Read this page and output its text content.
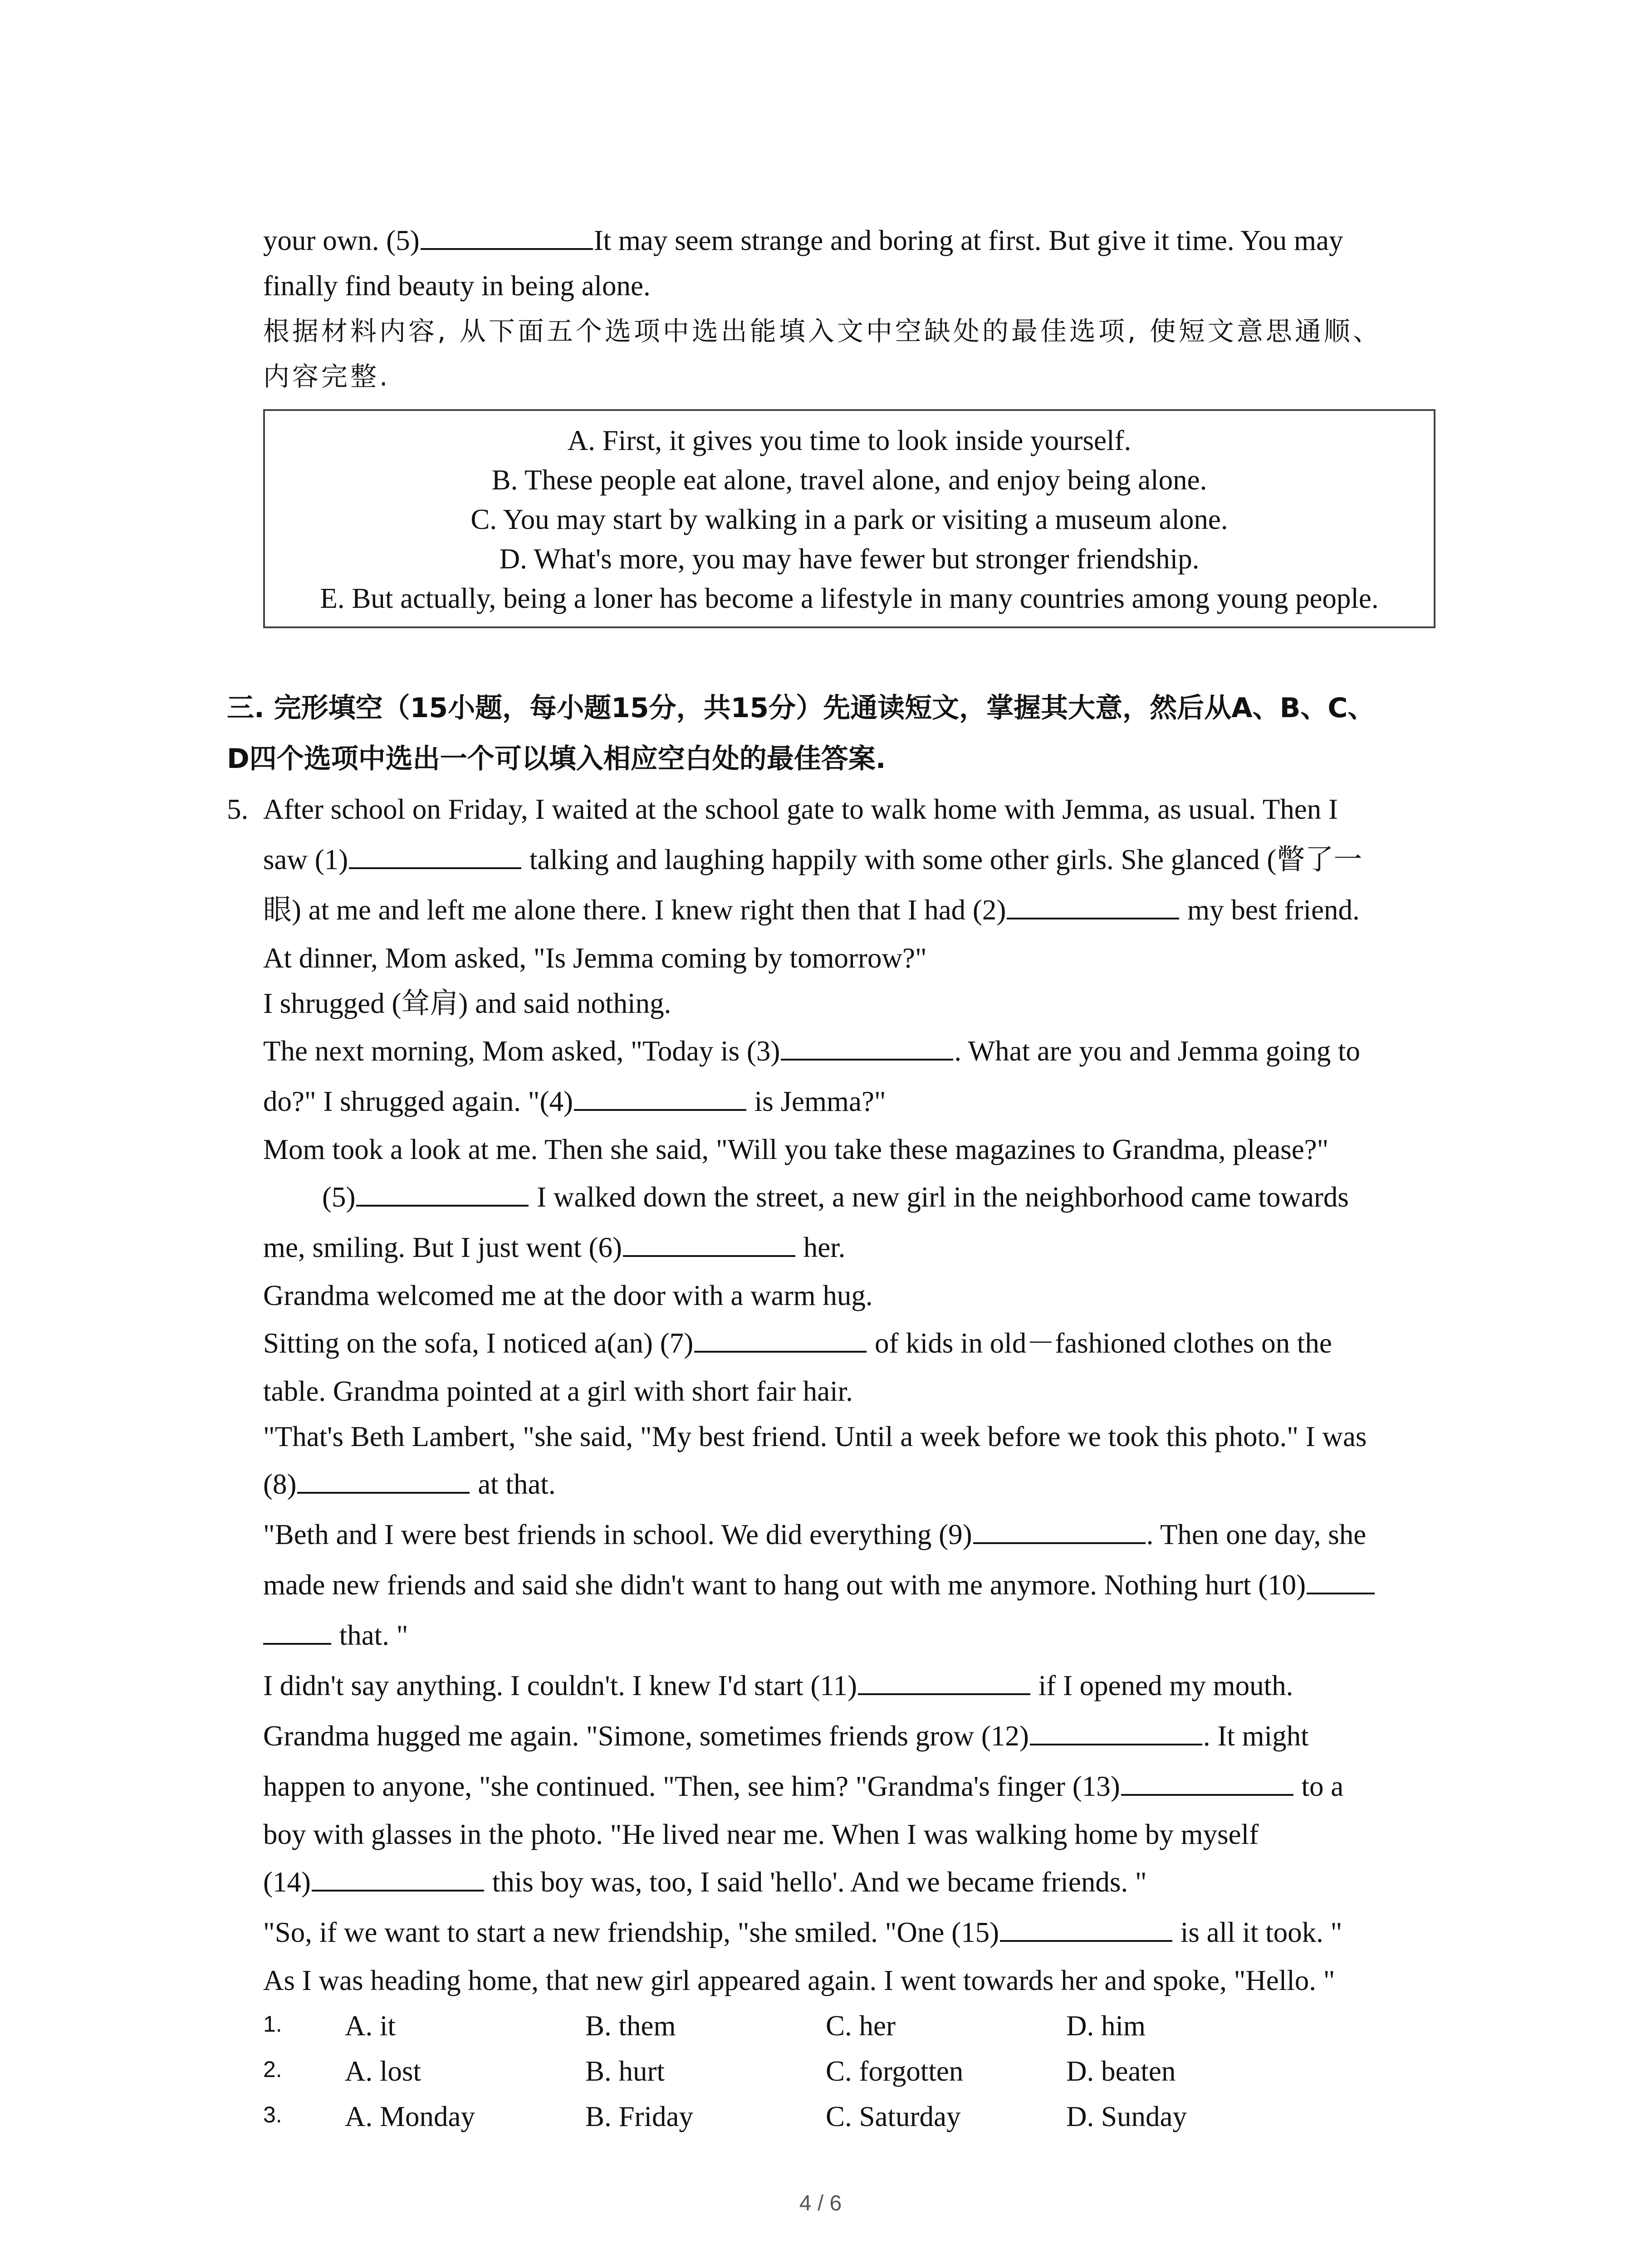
your own. (5)	It may seem strange and boring at first. But give it time. You may
finally find beauty in being alone.
根据材料内容, 从下面五个选项中选出能填入文中空缺处的最佳选项, 使短文意思通顺、
内容完整.
A. First, it gives you time to look inside yourself.
B. These people eat alone, travel alone, and enjoy being alone.
C. You may start by walking in a park or visiting a museum alone.
D. What's more, you may have fewer but stronger friendship.
E. But actually, being a loner has become a lifestyle in many countries among young people.
三. 完形填空（15小题，每小题15分，共15分）先通读短文，掌握其大意，然后从A、B、C、
D四个选项中选出一个可以填入相应空白处的最佳答案.
5. After school on Friday, I waited at the school gate to walk home with Jemma, as usual. Then I
saw (1)	talking and laughing happily with some other girls. She glanced (瞥了一
眼) at me and left me alone there. I knew right then that I had (2)	my best friend.
At dinner, Mom asked, "Is Jemma coming by tomorrow?"
I shrugged (耸肩) and said nothing.
The next morning, Mom asked, "Today is (3)	. What are you and Jemma going to
do?" I shrugged again. "(4)	is Jemma?"
Mom took a look at me. Then she said, "Will you take these magazines to Grandma, please?"
(5)	I walked down the street, a new girl in the neighborhood came towards
me, smiling. But I just went (6)	her.
Grandma welcomed me at the door with a warm hug.
Sitting on the sofa, I noticed a(an) (7)	of kids in old－fashioned clothes on the
table. Grandma pointed at a girl with short fair hair.
"That's Beth Lambert, "she said, "My best friend. Until a week before we took this photo." I was
(8)	at that.
"Beth and I were best friends in school. We did everything (9)	. Then one day, she
made new friends and said she didn't want to hang out with me anymore. Nothing hurt (10)
that. "
I didn't say anything. I couldn't. I knew I'd start (11)	if I opened my mouth.
Grandma hugged me again. "Simone, sometimes friends grow (12)	. It might
happen to anyone, "she continued. "Then, see him? "Grandma's finger (13)	to a
boy with glasses in the photo. "He lived near me. When I was walking home by myself
(14)	this boy was, too, I said 'hello'. And we became friends. "
"So, if we want to start a new friendship, "she smiled. "One (15)	is all it took. "
As I was heading home, that new girl appeared again. I went towards her and spoke, "Hello. "
1. A. it	B. them	C. her	D. him
2. A. lost	B. hurt	C. forgotten	D. beaten
3. A. Monday	B. Friday	C. Saturday	D. Sunday
4 / 6
